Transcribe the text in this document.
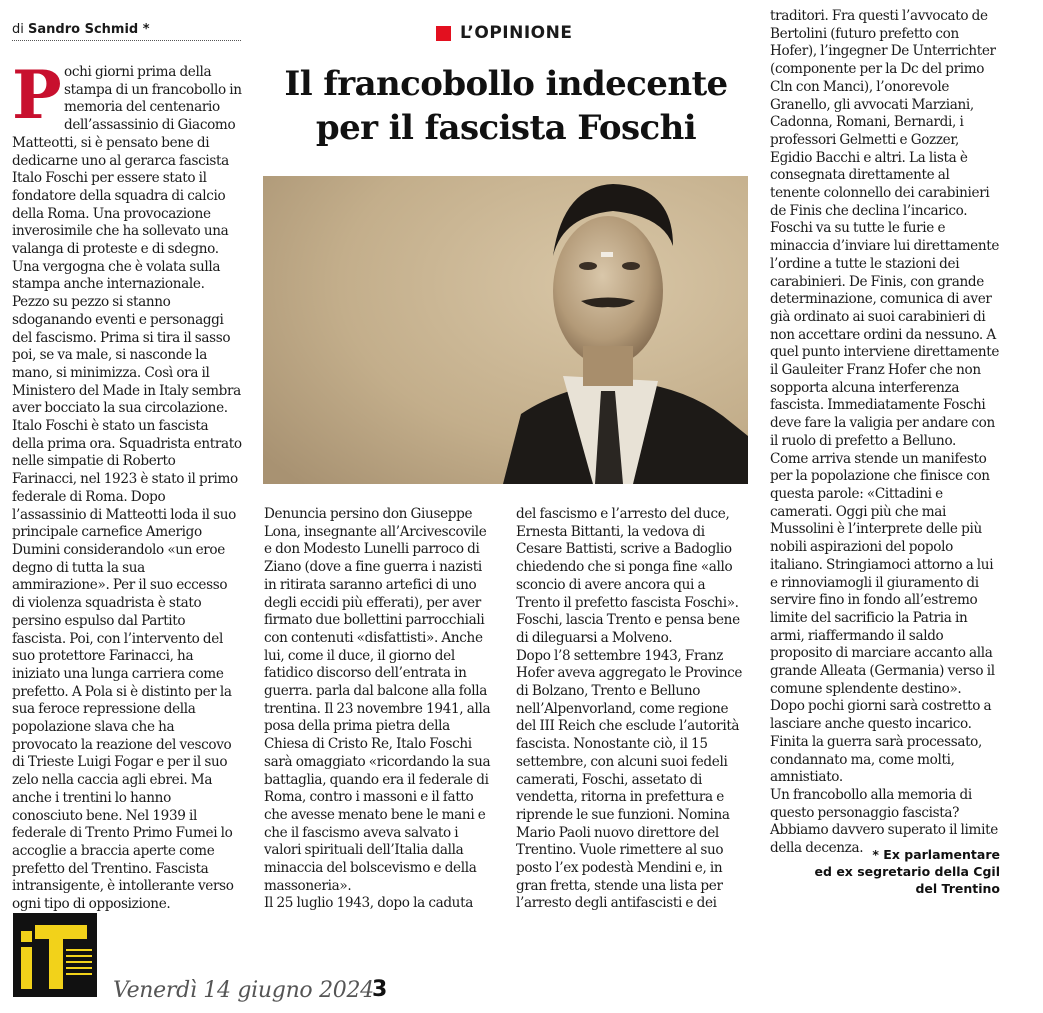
di Sandro Schmid *	L’OPINIONE
Il francobollo indecente
per il fascista Foschi
P ochi giorni prima della stampa di un francobollo in memoria del centenario dell’assassinio di Giacomo Matteotti, si è pensato bene di dedicarne uno al gerarca fascista Italo Foschi per essere stato il fondatore della squadra di calcio della Roma. Una provocazione inverosimile che ha sollevato una valanga di proteste e di sdegno. Una vergogna che è volata sulla stampa anche internazionale. Pezzo su pezzo si stanno sdoganando eventi e personaggi del fascismo. Prima si tira il sasso poi, se va male, si nasconde la mano, si minimizza. Così ora il Ministero del Made in Italy sembra aver bocciato la sua circolazione. Italo Foschi è stato un fascista della prima ora. Squadrista entrato nelle simpatie di Roberto Farinacci, nel 1923 è stato il primo federale di Roma. Dopo l’assassinio di Matteotti loda il suo principale carnefice Amerigo Dumini considerandolo «un eroe degno di tutta la sua ammirazione». Per il suo eccesso di violenza squadrista è stato persino espulso dal Partito fascista. Poi, con l’intervento del suo protettore Farinacci, ha iniziato una lunga carriera come prefetto. A Pola si è distinto per la sua feroce repressione della popolazione slava che ha provocato la reazione del vescovo di Trieste Luigi Fogar e per il suo zelo nella caccia agli ebrei. Ma anche i trentini lo hanno conosciuto bene. Nel 1939 il federale di Trento Primo Fumei lo accoglie a braccia aperte come prefetto del Trentino. Fascista intransigente, è intollerante verso ogni tipo di opposizione.

Denuncia persino don Giuseppe Lona, insegnante all’Arcivescovile e don Modesto Lunelli parroco di Ziano (dove a fine guerra i nazisti in ritirata saranno artefici di uno degli eccidi più efferati), per aver firmato due bollettini parrocchiali con contenuti «disfattisti». Anche lui, come il duce, il giorno del fatidico discorso dell’entrata in guerra. parla dal balcone alla folla trentina. Il 23 novembre 1941, alla posa della prima pietra della Chiesa di Cristo Re, Italo Foschi sarà omaggiato «ricordando la sua battaglia, quando era il federale di Roma, contro i massoni e il fatto che avesse menato bene le mani e che il fascismo aveva salvato i valori spirituali dell’Italia dalla minaccia del bolscevismo e della massoneria».

Il 25 luglio 1943, dopo la caduta

del fascismo e l’arresto del duce, Ernesta Bittanti, la vedova di Cesare Battisti, scrive a Badoglio chiedendo che si ponga fine «allo sconcio di avere ancora qui a Trento il prefetto fascista Foschi». Foschi, lascia Trento e pensa bene di dileguarsi a Molveno.

Dopo l’8 settembre 1943, Franz Hofer aveva aggregato le Province di Bolzano, Trento e Belluno nell’Alpenvorland, come regione del III Reich che esclude l’autorità fascista. Nonostante ciò, il 15 settembre, con alcuni suoi fedeli camerati, Foschi, assetato di vendetta, ritorna in prefettura e riprende le sue funzioni. Nomina Mario Paoli nuovo direttore del Trentino. Vuole rimettere al suo posto l’ex podestà Mendini e, in gran fretta, stende una lista per l’arresto degli antifascisti e dei

traditori. Fra questi l’avvocato de Bertolini (futuro prefetto con Hofer), l’ingegner De Unterrichter (componente per la Dc del primo Cln con Manci), l’onorevole Granello, gli avvocati Marziani, Cadonna, Romani, Bernardi, i professori Gelmetti e Gozzer, Egidio Bacchi e altri. La lista è consegnata direttamente al tenente colonnello dei carabinieri de Finis che declina l’incarico. Foschi va su tutte le furie e minaccia d’inviare lui direttamente l’ordine a tutte le stazioni dei carabinieri. De Finis, con grande determinazione, comunica di aver già ordinato ai suoi carabinieri di non accettare ordini da nessuno. A quel punto interviene direttamente il Gauleiter Franz Hofer che non sopporta alcuna interferenza fascista. Immediatamente Foschi deve fare la valigia per andare con il ruolo di prefetto a Belluno.

Come arriva stende un manifesto per la popolazione che finisce con questa parole: «Cittadini e camerati. Oggi più che mai Mussolini è l’interprete delle più nobili aspirazioni del popolo italiano. Stringiamoci attorno a lui e rinnoviamogli il giuramento di servire fino in fondo all’estremo limite del sacrificio la Patria in armi, riaffermando il saldo proposito di marciare accanto alla grande Alleata (Germania) verso il comune splendente destino».

Dopo pochi giorni sarà costretto a lasciare anche questo incarico. Finita la guerra sarà processato, condannato ma, come molti, amnistiato.

Un francobollo alla memoria di questo personaggio fascista? Abbiamo davvero superato il limite della decenza. * Ex parlamentare
ed ex segretario della Cgil
del Trentino
Venerdì 14 giugno 2024
3
